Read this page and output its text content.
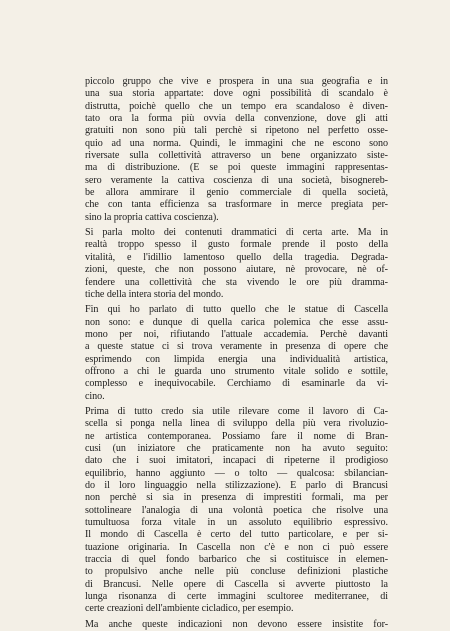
piccolo gruppo che vive e prospera in una sua geografia e in
una sua storia appartate: dove ogni possibilità di scandalo è
distrutta, poichè quello che un tempo era scandaloso è diven-
tato ora la forma più ovvia della convenzione, dove gli atti
gratuiti non sono più tali perchè si ripetono nel perfetto osse-
quio ad una norma. Quindi, le immagini che ne escono sono
riversate sulla collettività attraverso un bene organizzato siste-
ma di distribuzione. (E se poi queste immagini rappresentas-
sero veramente la cattiva coscienza di una società, bisognereb-
be allora ammirare il genio commerciale di quella società,
che con tanta efficienza sa trasformare in merce pregiata per-
sino la propria cattiva coscienza).
Si parla molto dei contenuti drammatici di certa arte. Ma in
realtà troppo spesso il gusto formale prende il posto della
vitalità, e l'idillio lamentoso quello della tragedia. Degrada-
zioni, queste, che non possono aiutare, nè provocare, nè of-
fendere una collettività che sta vivendo le ore più dramma-
tiche della intera storia del mondo.
Fin qui ho parlato di tutto quello che le statue di Cascella
non sono: e dunque di quella carica polemica che esse assu-
mono per noi, rifiutando l'attuale accademia. Perchè davanti
a queste statue ci si trova veramente in presenza di opere che
esprimendo con limpida energia una individualità artistica,
offrono a chi le guarda uno strumento vitale solido e sottile,
complesso e inequivocabile. Cerchiamo di esaminarle da vi-
cino.
Prima di tutto credo sia utile rilevare come il lavoro di Ca-
scella si ponga nella linea di sviluppo della più vera rivoluzio-
ne artistica contemporanea. Possiamo fare il nome di Bran-
cusi (un iniziatore che praticamente non ha avuto seguito:
dato che i suoi imitatori, incapaci di ripeterne il prodigioso
equilibrio, hanno aggiunto — o tolto — qualcosa: sbilancian-
do il loro linguaggio nella stilizzazione). E parlo di Brancusi
non perchè si sia in presenza di imprestiti formali, ma per
sottolineare l'analogia di una volontà poetica che risolve una
tumultuosa forza vitale in un assoluto equilibrio espressivo.
Il mondo di Cascella è certo del tutto particolare, e per si-
tuazione originaria. In Cascella non c'è e non ci può essere
traccia di quel fondo barbarico che si costituisce in elemen-
to propulsivo anche nelle più concluse definizioni plastiche
di Brancusi. Nelle opere di Cascella si avverte piuttosto la
lunga risonanza di certe immagini scultoree mediterranee, di
certe creazioni dell'ambiente cicladico, per esempio.
Ma anche queste indicazioni non devono essere insistite for-
